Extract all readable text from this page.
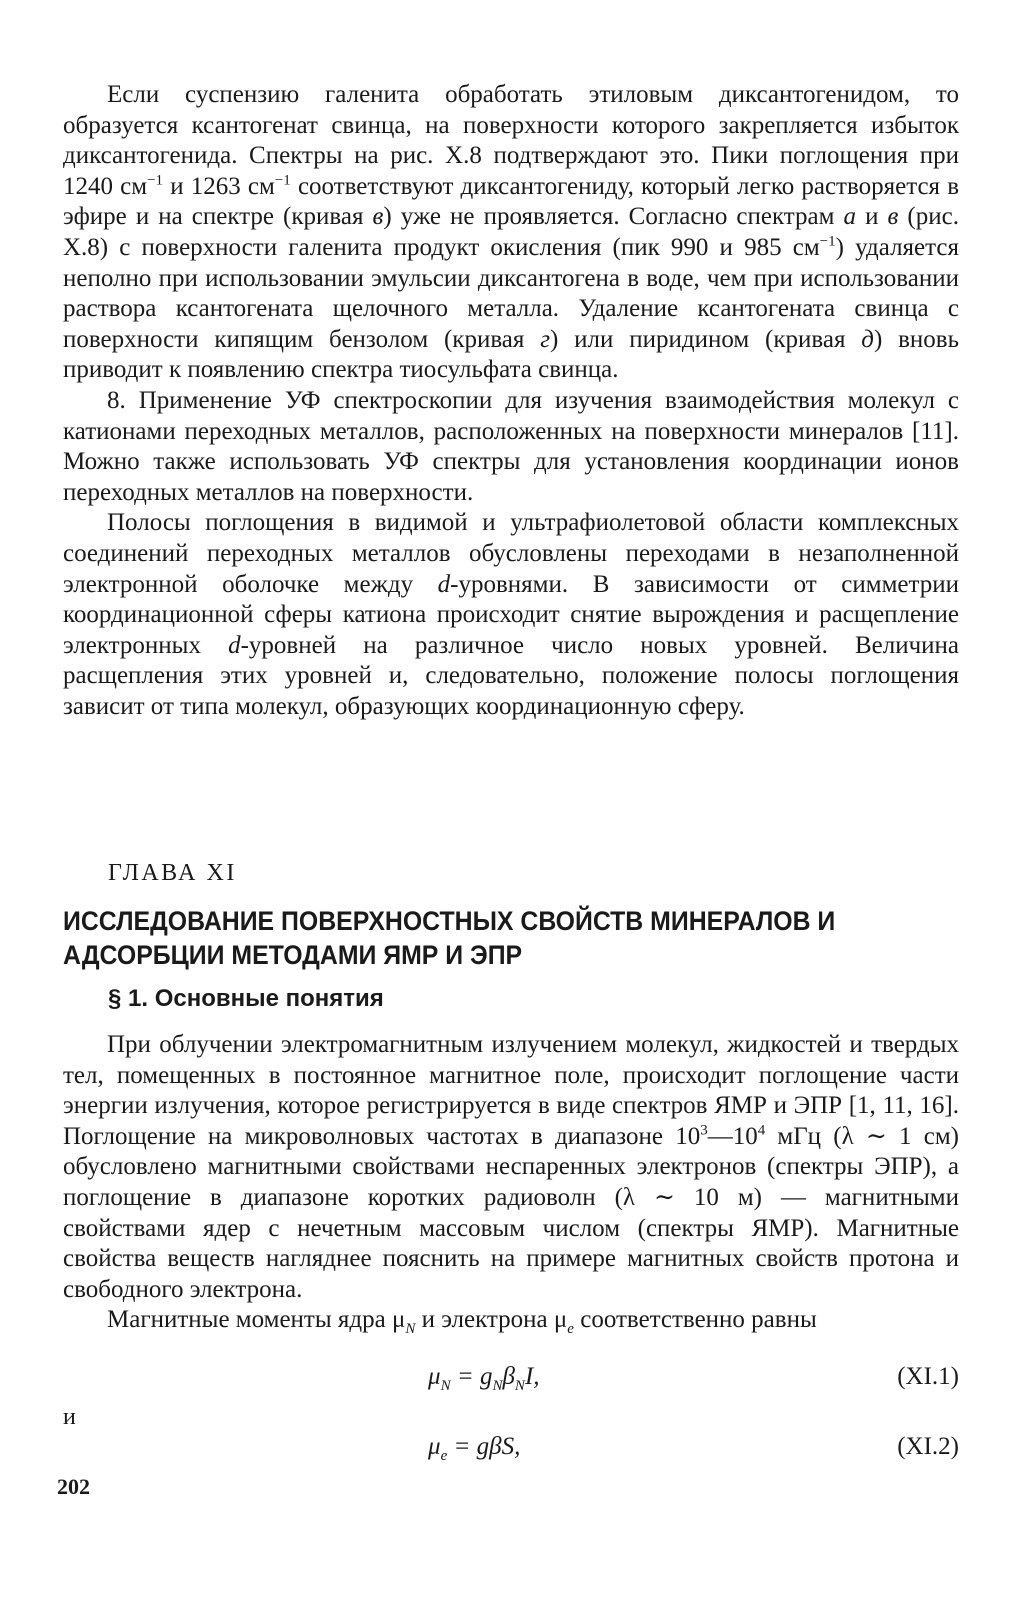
Если суспензию галенита обработать этиловым диксантогенидом, то образуется ксантогенат свинца, на поверхности которого закрепляется избыток диксантогенида. Спектры на рис. X.8 подтверждают это. Пики поглощения при 1240 $см^{-1}$ и 1263 $см^{-1}$ соответствуют диксантогениду, который легко растворяется в эфире и на спектре (кривая в) уже не проявляется. Согласно спектрам а и в (рис. X.8) с поверхности галенита продукт окисления (пик 990 и 985 $см^{-1}$) удаляется неполно при использовании эмульсии диксантогена в воде, чем при использовании раствора ксантогената щелочного металла. Удаление ксантогената свинца с поверхности кипящим бензолом (кривая г) или пиридином (кривая д) вновь приводит к появлению спектра тиосульфата свинца.

8. Применение УФ спектроскопии для изучения взаимодействия молекул с катионами переходных металлов, расположенных на поверхности минералов [11]. Можно также использовать УФ спектры для установления координации ионов переходных металлов на поверхности.

Полосы поглощения в видимой и ультрафиолетовой области комплексных соединений переходных металлов обусловлены переходами в незаполненной электронной оболочке между d-уровнями. В зависимости от симметрии координационной сферы катиона происходит снятие вырождения и расщепление электронных d-уровней на различное число новых уровней. Величина расщепления этих уровней и, следовательно, положение полосы поглощения зависит от типа молекул, образующих координационную сферу.

ГЛАВА XI
ИССЛЕДОВАНИЕ ПОВЕРХНОСТНЫХ СВОЙСТВ МИНЕРАЛОВ И АДСОРБЦИИ МЕТОДАМИ ЯМР И ЭПР
§ 1. Основные понятия

При облучении электромагнитным излучением молекул, жидкостей и твердых тел, помещенных в постоянное магнитное поле, происходит поглощение части энергии излучения, которое регистрируется в виде спектров ЯМР и ЭПР [1, 11, 16]. Поглощение на микроволновых частотах в диапазоне $10^3—10^4$ мГц (λ ∼ 1 см) обусловлено магнитными свойствами неспаренных электронов (спектры ЭПР), а поглощение в диапазоне коротких радиоволн (λ ∼ 10 м) — магнитными свойствами ядер с нечетным массовым числом (спектры ЯМР). Магнитные свойства веществ нагляднее пояснить на примере магнитных свойств протона и свободного электрона.

Магнитные моменты ядра $\mu_N$ и электрона $\mu_e$ соответственно равны

$\mu_N = g_N\beta_NI$,	(XI.1)
и
$\mu_e = g\beta S$,	(XI.2)
202
